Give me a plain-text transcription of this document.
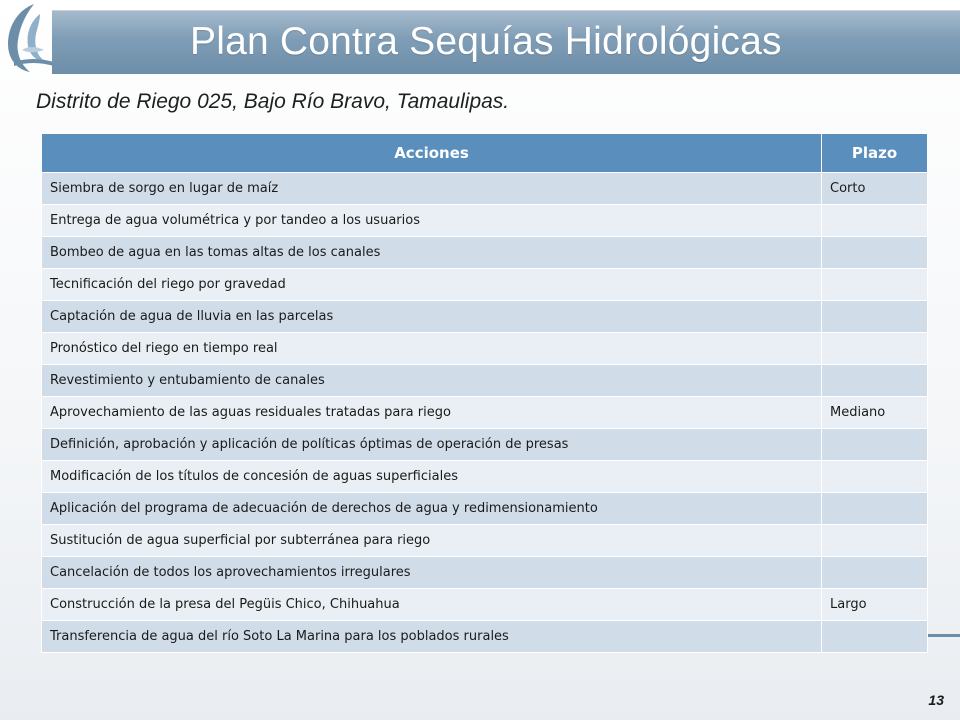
Plan Contra Sequías Hidrológicas
Distrito de Riego 025, Bajo Río Bravo, Tamaulipas.
Acciones	Plazo
Siembra de sorgo en lugar de maíz	Corto
Entrega de agua volumétrica y por tandeo a los usuarios	
Bombeo de agua en las tomas altas de los canales	
Tecnificación del riego por gravedad	
Captación de agua de lluvia en las parcelas	
Pronóstico del riego en tiempo real	
Revestimiento y entubamiento de canales	
Aprovechamiento de las aguas residuales tratadas para riego	Mediano
Definición, aprobación y aplicación de políticas óptimas de operación de presas	
Modificación de los títulos de concesión de aguas superficiales	
Aplicación del programa de adecuación de derechos de agua y redimensionamiento	
Sustitución de agua superficial por subterránea para riego	
Cancelación de todos los aprovechamientos irregulares	
Construcción de la presa del Pegüis Chico, Chihuahua	Largo
Transferencia de agua del río Soto La Marina para los poblados rurales	
13
